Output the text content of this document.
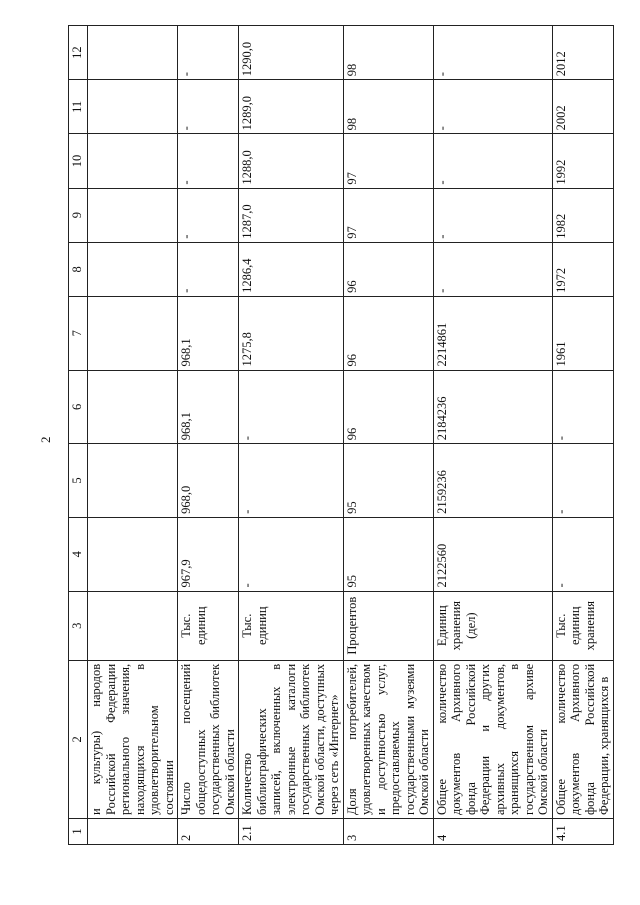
2
1	2	3	4	5	6	7	8	9	10	11	12
	и культуры) народов Российской Федерации регионального значения, находящихся в удовлетворительном состоянии										
2	Число посещений общедоступных государственных библиотек Омской области	Тыс. единиц	967,9	968,0	968,1	968,1	-	-	-	-	-
2.1	Количество библиографических записей, включенных в электронные каталоги государственных библиотек Омской области, доступных через сеть «Интернет»	Тыс. единиц	-	-	-	1275,8	1286,4	1287,0	1288,0	1289,0	1290,0
3	Доля потребителей, удовлетворенных качеством и доступностью услуг, предоставляемых государственными музеями Омской области	Процентов	95	95	96	96	96	97	97	98	98
4	Общее количество документов Архивного фонда Российской Федерации и других архивных документов, хранящихся в государственном архиве Омской области	Единиц хранения (дел)	2122560	2159236	2184236	2214861	-	-	-	-	-
4.1	Общее количество документов Архивного фонда Российской Федерации, хранящихся в	Тыс. единиц хранения	-	-	-	1961	1972	1982	1992	2002	2012
